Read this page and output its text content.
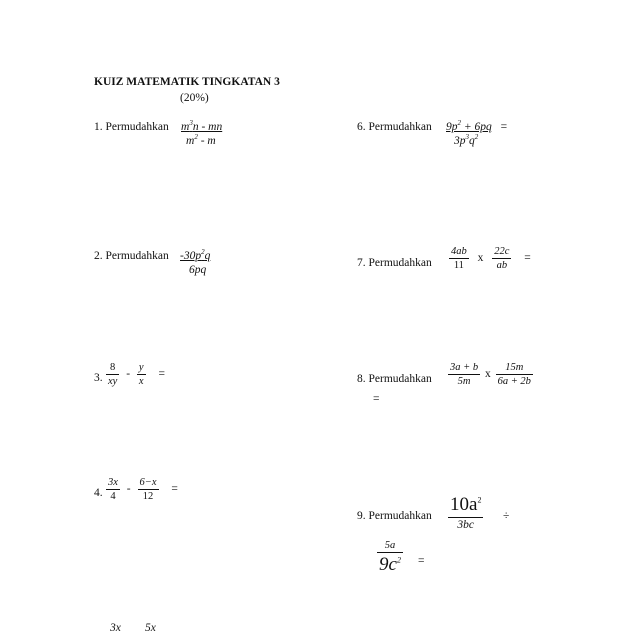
KUIZ MATEMATIK TINGKATAN 3
(20%)
1. Permudahkan $m^3n$ - mn
$m^2$ - m
2. Permudahkan $-30p^2q$
6pq
3. $\frac{8}{xy} - \frac{y}{x}$ =
4. $\frac{3x}{4} - \frac{6-x}{12}$ =
3x 5x
6. Permudahkan $9p^2 + 6pq$ =
$3p^3q^2$
7. Permudahkan $\frac{4ab}{11}$ x $\frac{22c}{ab}$ =
8. Permudahkan $\frac{3a + b}{5m}$ x $\frac{15m}{6a + 2b}$
=
9. Permudahkan $\frac{10a^2}{3bc}$ ÷
$\frac{5a}{9c^2}$ =
